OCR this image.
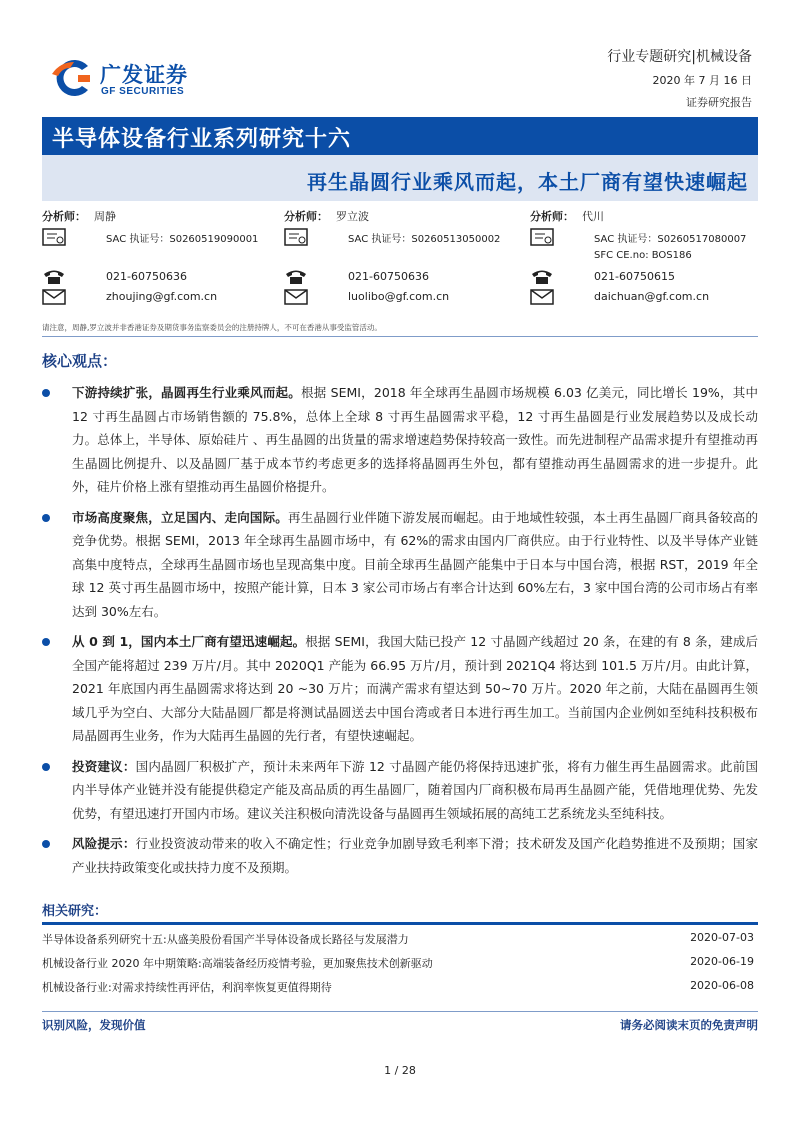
广发证券
GF SECURITIES
行业专题研究|机械设备
2020 年 7 月 16 日
证券研究报告
半导体设备行业系列研究十六
再生晶圆行业乘风而起，本土厂商有望快速崛起
分析师： 周静
SAC 执证号：S0260519090001
021-60750636
zhoujing@gf.com.cn
分析师： 罗立波
SAC 执证号：S0260513050002
021-60750636
luolibo@gf.com.cn
分析师： 代川
SAC 执证号：S0260517080007
SFC CE.no: BOS186
021-60750615
daichuan@gf.com.cn
请注意，周静,罗立波并非香港证券及期货事务监察委员会的注册持牌人，不可在香港从事受监管活动。
核心观点：
下游持续扩张，晶圆再生行业乘风而起。根据 SEMI，2018 年全球再生晶圆市场规模 6.03 亿美元，同比增长 19%，其中 12 寸再生晶圆占市场销售额的 75.8%，总体上全球 8 寸再生晶圆需求平稳，12 寸再生晶圆是行业发展趋势以及成长动力。总体上，半导体、原始硅片 、再生晶圆的出货量的需求增速趋势保持较高一致性。而先进制程产品需求提升有望推动再生晶圆比例提升、以及晶圆厂基于成本节约考虑更多的选择将晶圆再生外包，都有望推动再生晶圆需求的进一步提升。此外，硅片价格上涨有望推动再生晶圆价格提升。
市场高度聚焦，立足国内、走向国际。再生晶圆行业伴随下游发展而崛起。由于地域性较强，本土再生晶圆厂商具备较高的竞争优势。根据 SEMI，2013 年全球再生晶圆市场中，有 62%的需求由国内厂商供应。由于行业特性、以及半导体产业链高集中度特点，全球再生晶圆市场也呈现高集中度。目前全球再生晶圆产能集中于日本与中国台湾，根据 RST，2019 年全球 12 英寸再生晶圆市场中，按照产能计算，日本 3 家公司市场占有率合计达到 60%左右，3 家中国台湾的公司市场占有率达到 30%左右。
从 0 到 1，国内本土厂商有望迅速崛起。根据 SEMI，我国大陆已投产 12 寸晶圆产线超过 20 条，在建的有 8 条，建成后全国产能将超过 239 万片/月。其中 2020Q1 产能为 66.95 万片/月，预计到 2021Q4 将达到 101.5 万片/月。由此计算，2021 年底国内再生晶圆需求将达到 20 ~30 万片；而满产需求有望达到 50~70 万片。2020 年之前，大陆在晶圆再生领域几乎为空白、大部分大陆晶圆厂都是将测试晶圆送去中国台湾或者日本进行再生加工。当前国内企业例如至纯科技积极布局晶圆再生业务，作为大陆再生晶圆的先行者，有望快速崛起。
投资建议：国内晶圆厂积极扩产，预计未来两年下游 12 寸晶圆产能仍将保持迅速扩张，将有力催生再生晶圆需求。此前国内半导体产业链并没有能提供稳定产能及高品质的再生晶圆厂，随着国内厂商积极布局再生晶圆产能，凭借地理优势、先发优势，有望迅速打开国内市场。建议关注积极向清洗设备与晶圆再生领域拓展的高纯工艺系统龙头至纯科技。
风险提示：行业投资波动带来的收入不确定性；行业竞争加剧导致毛利率下滑；技术研发及国产化趋势推进不及预期；国家产业扶持政策变化或扶持力度不及预期。
相关研究：
半导体设备系列研究十五:从盛美股份看国产半导体设备成长路径与发展潜力	2020-07-03
机械设备行业 2020 年中期策略:高端装备经历疫情考验，更加聚焦技术创新驱动	2020-06-19
机械设备行业:对需求持续性再评估，利润率恢复更值得期待	2020-06-08
识别风险，发现价值	请务必阅读末页的免责声明
1 / 28
